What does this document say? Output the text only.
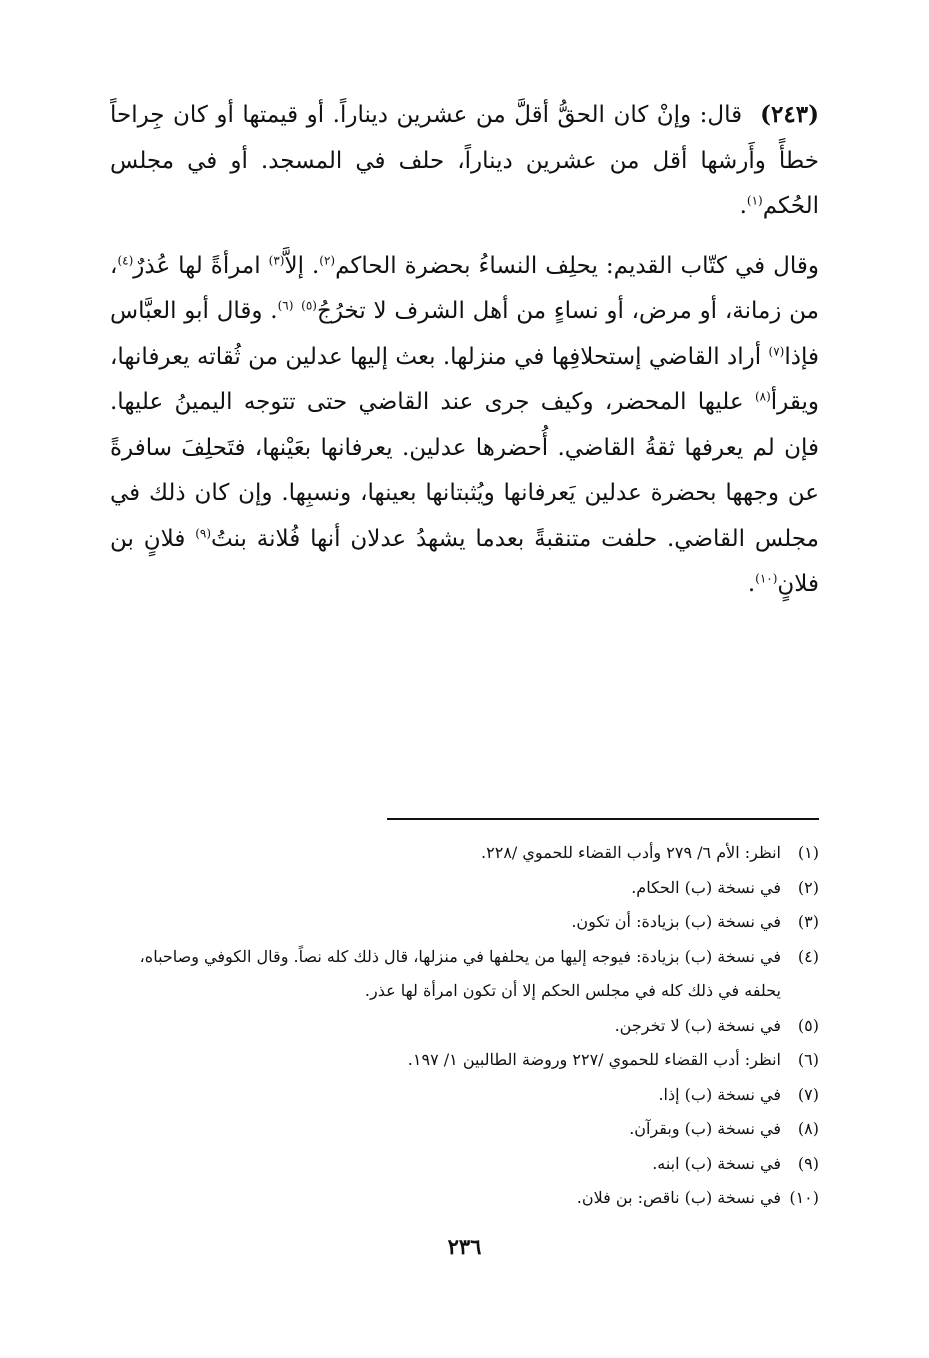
(٢٤٣)قال: وإنْ كان الحقُّ أقلَّ من عشرين ديناراً. أو قيمتها أو كان جِراحاً خطأً وأَرشها أقل من عشرين ديناراً، حلف في المسجد. أو في مجلس الحُكم$^{(١)}$.

وقال في كتّاب القديم: يحلِف النساءُ بحضرة الحاكم$^{(٢)}$. إلاَّ$^{(٣)}$ امرأةً لها عُذرٌ$^{(٤)}$، من زمانة، أو مرض، أو نساءٍ من أهل الشرف لا تخرُجُ$^{(٥)}$ $^{(٦)}$. وقال أبو العبَّاس فإذا$^{(٧)}$ أراد القاضي إستحلافِها في منزلها. بعث إليها عدلين من ثُقاته يعرفانها، ويقرأ$^{(٨)}$ عليها المحضر، وكيف جرى عند القاضي حتى تتوجه اليمينُ عليها. فإن لم يعرفها ثقةُ القاضي. أُحضرها عدلين. يعرفانها بعَيْنها، فتَحلِفَ سافرةً عن وجهها بحضرة عدلين يَعرفانها ويُثبتانها بعينها، ونسبِها. وإن كان ذلك في مجلس القاضي. حلفت متنقبةً بعدما يشهدُ عدلان أنها فُلانة بنتُ$^{(٩)}$ فلانٍ بن فلانٍ$^{(١٠)}$.

(١)
انظر: الأم ٦/ ٢٧٩ وأدب القضاء للحموي /٢٢٨.
(٢)
في نسخة (ب) الحكام.
(٣)
في نسخة (ب) بزيادة: أن تكون.
(٤)
في نسخة (ب) بزيادة: فيوجه إليها من يحلفها في منزلها، قال ذلك كله نصاً. وقال الكوفي وصاحباه، يحلفه في ذلك كله في مجلس الحكم إلا أن تكون امرأة لها عذر.
(٥)
في نسخة (ب) لا تخرجن.
(٦)
انظر: أدب القضاء للحموي /٢٢٧ وروضة الطالبين ١/ ١٩٧.
(٧)
في نسخة (ب) إذا.
(٨)
في نسخة (ب) وبقرآن.
(٩)
في نسخة (ب) ابنه.
(١٠)
في نسخة (ب) ناقص: بن فلان.
٢٣٦
